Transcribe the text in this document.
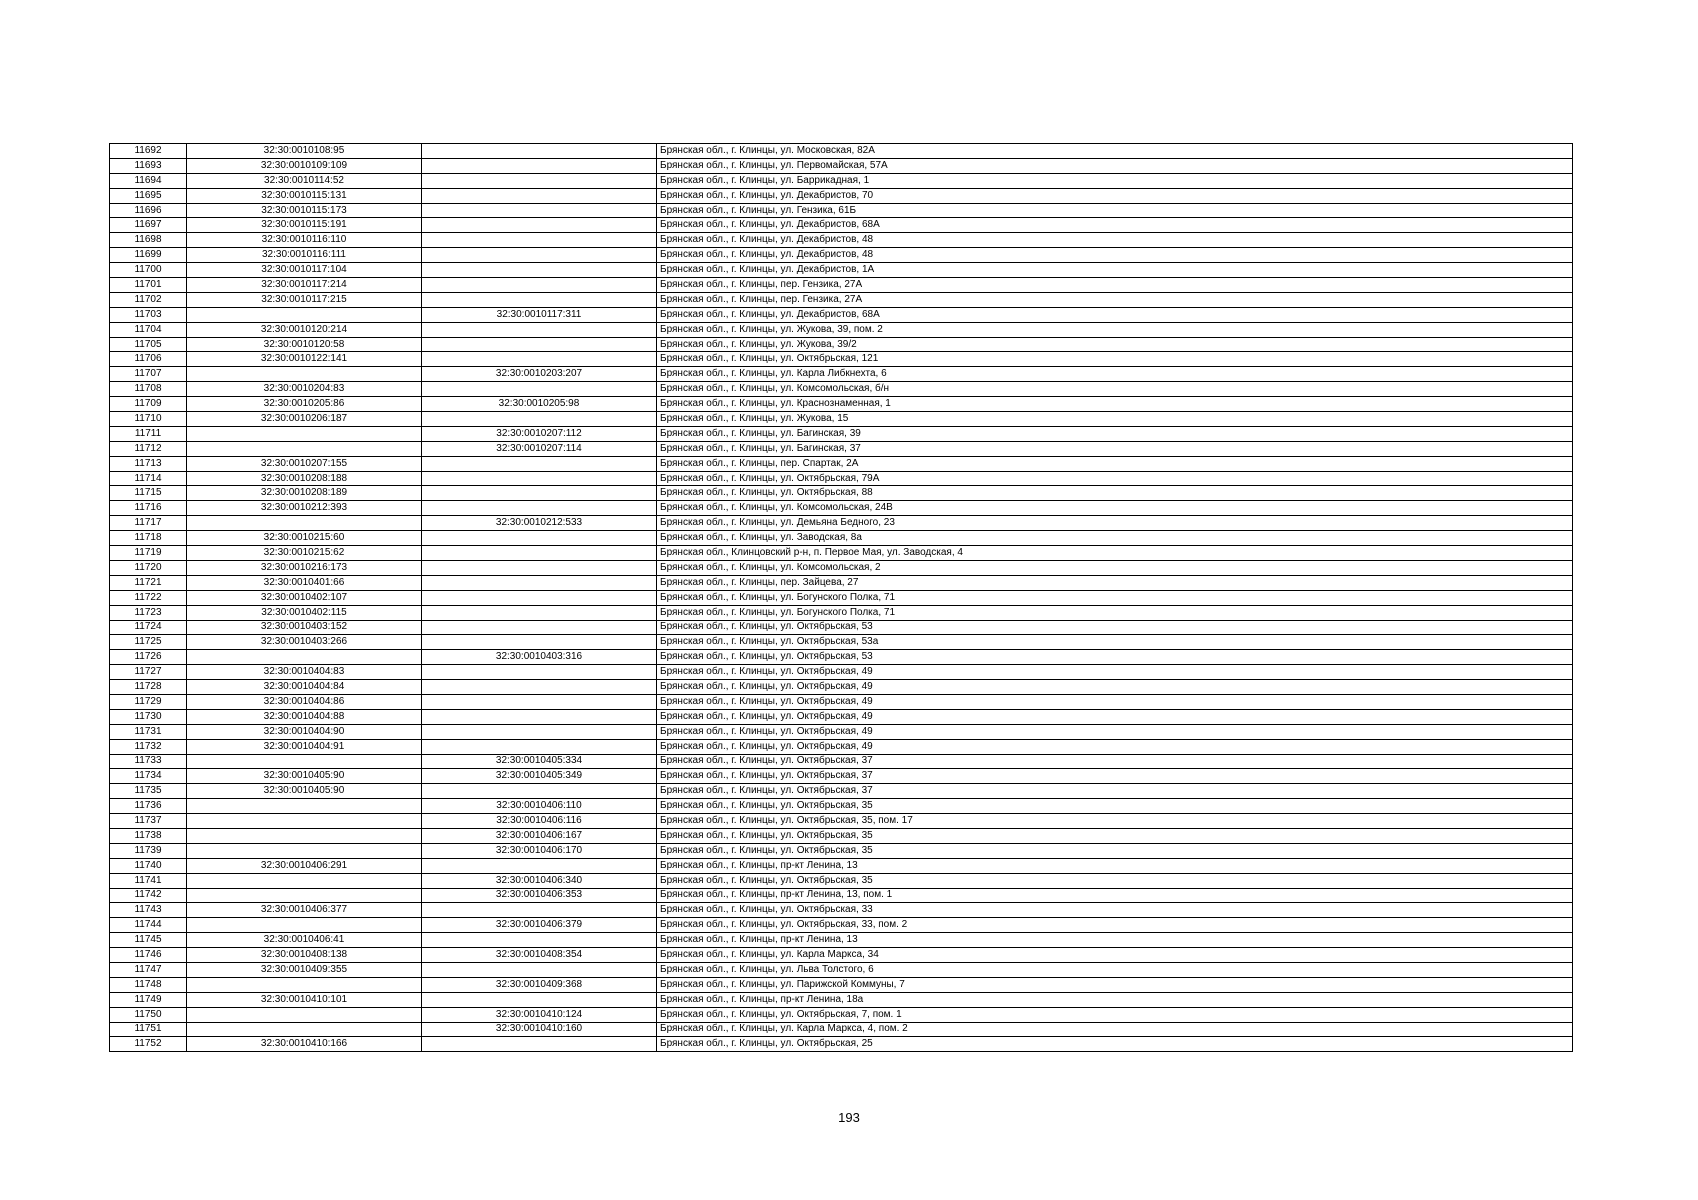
11692	32:30:0010108:95		Брянская обл., г. Клинцы, ул. Московская, 82А
11693	32:30:0010109:109		Брянская обл., г. Клинцы, ул. Первомайская, 57А
11694	32:30:0010114:52		Брянская обл., г. Клинцы, ул. Баррикадная, 1
11695	32:30:0010115:131		Брянская обл., г. Клинцы, ул. Декабристов, 70
11696	32:30:0010115:173		Брянская обл., г. Клинцы, ул. Гензика, 61Б
11697	32:30:0010115:191		Брянская обл., г. Клинцы, ул. Декабристов, 68А
11698	32:30:0010116:110		Брянская обл., г. Клинцы, ул. Декабристов, 48
11699	32:30:0010116:111		Брянская обл., г. Клинцы, ул. Декабристов, 48
11700	32:30:0010117:104		Брянская обл., г. Клинцы, ул. Декабристов, 1А
11701	32:30:0010117:214		Брянская обл., г. Клинцы, пер. Гензика, 27А
11702	32:30:0010117:215		Брянская обл., г. Клинцы, пер. Гензика, 27А
11703		32:30:0010117:311	Брянская обл., г. Клинцы, ул. Декабристов, 68А
11704	32:30:0010120:214		Брянская обл., г. Клинцы, ул. Жукова, 39, пом. 2
11705	32:30:0010120:58		Брянская обл., г. Клинцы, ул. Жукова, 39/2
11706	32:30:0010122:141		Брянская обл., г. Клинцы, ул. Октябрьская, 121
11707		32:30:0010203:207	Брянская обл., г. Клинцы, ул. Карла Либкнехта, 6
11708	32:30:0010204:83		Брянская обл., г. Клинцы, ул. Комсомольская, б/н
11709	32:30:0010205:86	32:30:0010205:98	Брянская обл., г. Клинцы, ул. Краснознаменная, 1
11710	32:30:0010206:187		Брянская обл., г. Клинцы, ул. Жукова, 15
11711		32:30:0010207:112	Брянская обл., г. Клинцы, ул. Багинская, 39
11712		32:30:0010207:114	Брянская обл., г. Клинцы, ул. Багинская, 37
11713	32:30:0010207:155		Брянская обл., г. Клинцы, пер. Спартак, 2А
11714	32:30:0010208:188		Брянская обл., г. Клинцы, ул. Октябрьская, 79А
11715	32:30:0010208:189		Брянская обл., г. Клинцы, ул. Октябрьская, 88
11716	32:30:0010212:393		Брянская обл., г. Клинцы, ул. Комсомольская, 24В
11717		32:30:0010212:533	Брянская обл., г. Клинцы, ул. Демьяна Бедного, 23
11718	32:30:0010215:60		Брянская обл., г. Клинцы, ул. Заводская, 8а
11719	32:30:0010215:62		Брянская обл., Клинцовский р-н, п. Первое Мая, ул. Заводская, 4
11720	32:30:0010216:173		Брянская обл., г. Клинцы, ул. Комсомольская, 2
11721	32:30:0010401:66		Брянская обл., г. Клинцы, пер. Зайцева, 27
11722	32:30:0010402:107		Брянская обл., г. Клинцы, ул. Богунского Полка, 71
11723	32:30:0010402:115		Брянская обл., г. Клинцы, ул. Богунского Полка, 71
11724	32:30:0010403:152		Брянская обл., г. Клинцы, ул. Октябрьская, 53
11725	32:30:0010403:266		Брянская обл., г. Клинцы, ул. Октябрьская, 53а
11726		32:30:0010403:316	Брянская обл., г. Клинцы, ул. Октябрьская, 53
11727	32:30:0010404:83		Брянская обл., г. Клинцы, ул. Октябрьская, 49
11728	32:30:0010404:84		Брянская обл., г. Клинцы, ул. Октябрьская, 49
11729	32:30:0010404:86		Брянская обл., г. Клинцы, ул. Октябрьская, 49
11730	32:30:0010404:88		Брянская обл., г. Клинцы, ул. Октябрьская, 49
11731	32:30:0010404:90		Брянская обл., г. Клинцы, ул. Октябрьская, 49
11732	32:30:0010404:91		Брянская обл., г. Клинцы, ул. Октябрьская, 49
11733		32:30:0010405:334	Брянская обл., г. Клинцы, ул. Октябрьская, 37
11734	32:30:0010405:90	32:30:0010405:349	Брянская обл., г. Клинцы, ул. Октябрьская, 37
11735	32:30:0010405:90		Брянская обл., г. Клинцы, ул. Октябрьская, 37
11736		32:30:0010406:110	Брянская обл., г. Клинцы, ул. Октябрьская, 35
11737		32:30:0010406:116	Брянская обл., г. Клинцы, ул. Октябрьская, 35, пом. 17
11738		32:30:0010406:167	Брянская обл., г. Клинцы, ул. Октябрьская, 35
11739		32:30:0010406:170	Брянская обл., г. Клинцы, ул. Октябрьская, 35
11740	32:30:0010406:291		Брянская обл., г. Клинцы, пр-кт Ленина, 13
11741		32:30:0010406:340	Брянская обл., г. Клинцы, ул. Октябрьская, 35
11742		32:30:0010406:353	Брянская обл., г. Клинцы, пр-кт Ленина, 13, пом. 1
11743	32:30:0010406:377		Брянская обл., г. Клинцы, ул. Октябрьская, 33
11744		32:30:0010406:379	Брянская обл., г. Клинцы, ул. Октябрьская, 33, пом. 2
11745	32:30:0010406:41		Брянская обл., г. Клинцы, пр-кт Ленина, 13
11746	32:30:0010408:138	32:30:0010408:354	Брянская обл., г. Клинцы, ул. Карла Маркса, 34
11747	32:30:0010409:355		Брянская обл., г. Клинцы, ул. Льва Толстого, 6
11748		32:30:0010409:368	Брянская обл., г. Клинцы, ул. Парижской Коммуны, 7
11749	32:30:0010410:101		Брянская обл., г. Клинцы, пр-кт Ленина, 18а
11750		32:30:0010410:124	Брянская обл., г. Клинцы, ул. Октябрьская, 7, пом. 1
11751		32:30:0010410:160	Брянская обл., г. Клинцы, ул. Карла Маркса, 4, пом. 2
11752	32:30:0010410:166		Брянская обл., г. Клинцы, ул. Октябрьская, 25
193
